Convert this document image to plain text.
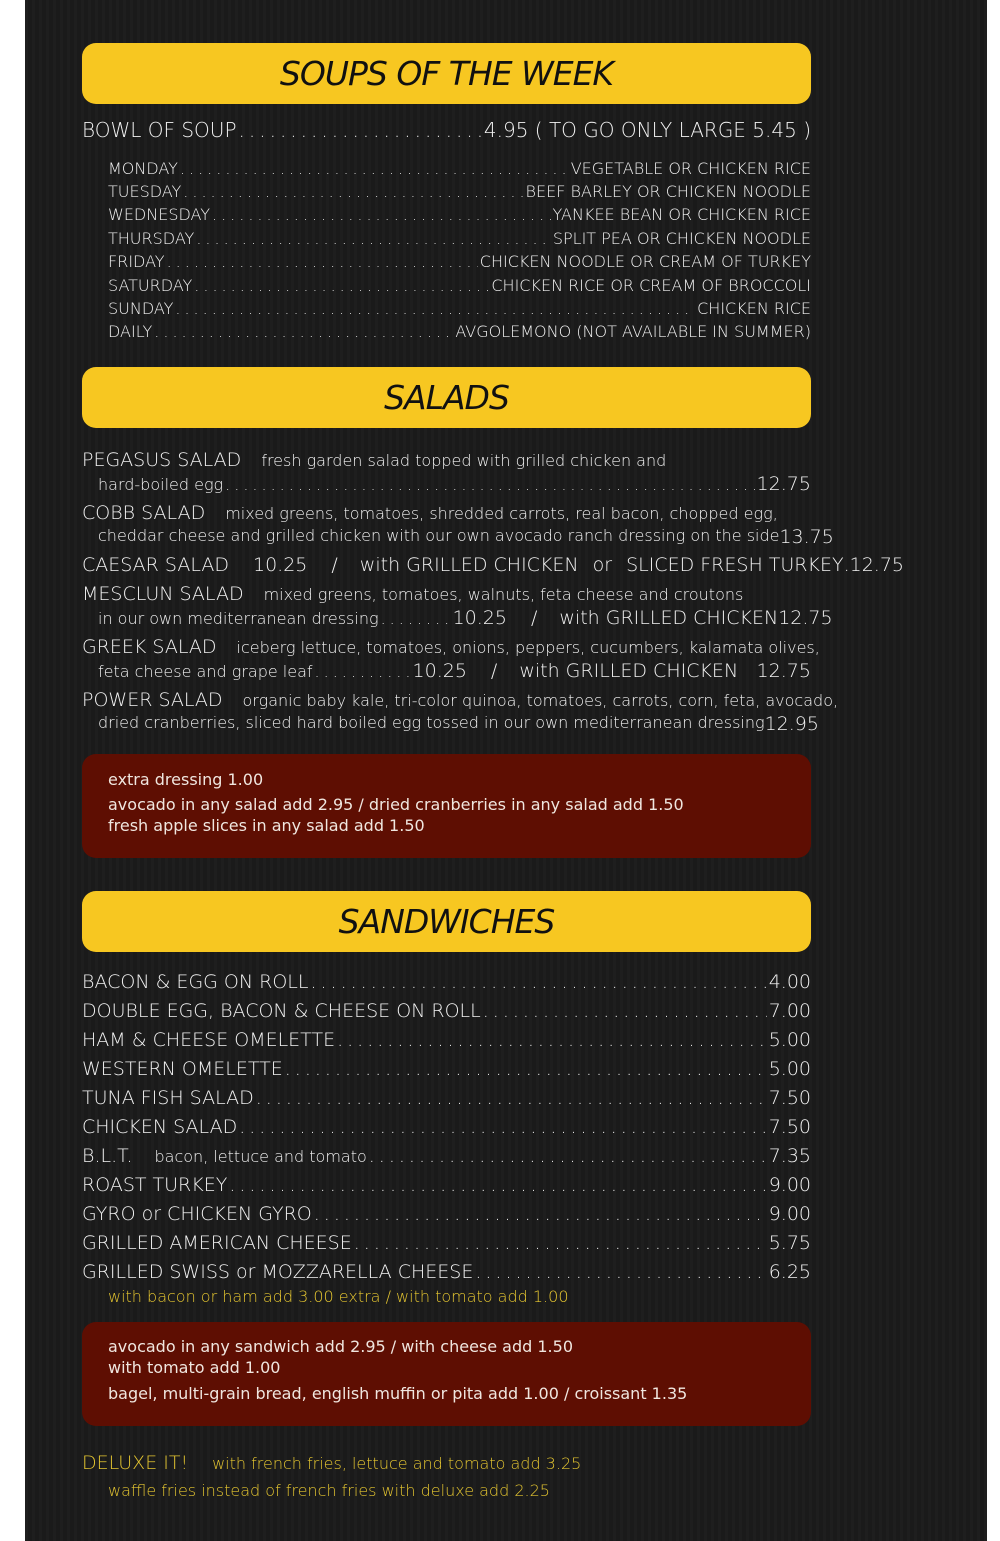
SOUPS OF THE WEEK
BOWL OF SOUP .....	4.95 ( TO GO ONLY LARGE 5.45 )
MONDAY .....	VEGETABLE OR CHICKEN RICE
TUESDAY .....	BEEF BARLEY OR CHICKEN NOODLE
WEDNESDAY .....	YANKEE BEAN OR CHICKEN RICE
THURSDAY .....	SPLIT PEA OR CHICKEN NOODLE
FRIDAY .....	CHICKEN NOODLE OR CREAM OF TURKEY
SATURDAY .....	CHICKEN RICE OR CREAM OF BROCCOLI
SUNDAY .....	CHICKEN RICE
DAILY .....	AVGOLEMONO (NOT AVAILABLE IN SUMMER)
SALADS
PEGASUS SALAD fresh garden salad topped with grilled chicken and
hard-boiled egg .....	12.75
COBB SALAD mixed greens, tomatoes, shredded carrots, real bacon, chopped egg,
cheddar cheese and grilled chicken with our own avocado ranch dressing on the side 13.75
CAESAR SALAD 10.25 / with GRILLED CHICKEN or SLICED FRESH TURKEY .12.75
MESCLUN SALAD mixed greens, tomatoes, walnuts, feta cheese and croutons
in our own mediterranean dressing .....	10.25 / with GRILLED CHICKEN 12.75
GREEK SALAD iceberg lettuce, tomatoes, onions, peppers, cucumbers, kalamata olives,
feta cheese and grape leaf .....	10.25 / with GRILLED CHICKEN 12.75
POWER SALAD organic baby kale, tri-color quinoa, tomatoes, carrots, corn, feta, avocado,
dried cranberries, sliced hard boiled egg tossed in our own mediterranean dressing 12.95
extra dressing 1.00
avocado in any salad add 2.95 / dried cranberries in any salad add 1.50
fresh apple slices in any salad add 1.50
SANDWICHES
BACON & EGG ON ROLL .....	4.00
DOUBLE EGG, BACON & CHEESE ON ROLL .....	7.00
HAM & CHEESE OMELETTE .....	5.00
WESTERN OMELETTE .....	5.00
TUNA FISH SALAD .....	7.50
CHICKEN SALAD .....	7.50
B.L.T. bacon, lettuce and tomato .....	7.35
ROAST TURKEY .....	9.00
GYRO or CHICKEN GYRO .....	9.00
GRILLED AMERICAN CHEESE .....	5.75
GRILLED SWISS or MOZZARELLA CHEESE .....	6.25
with bacon or ham add 3.00 extra / with tomato add 1.00
avocado in any sandwich add 2.95 / with cheese add 1.50
with tomato add 1.00
bagel, multi-grain bread, english muffin or pita add 1.00 / croissant 1.35
DELUXE IT! with french fries, lettuce and tomato add 3.25
waffle fries instead of french fries with deluxe add 2.25
